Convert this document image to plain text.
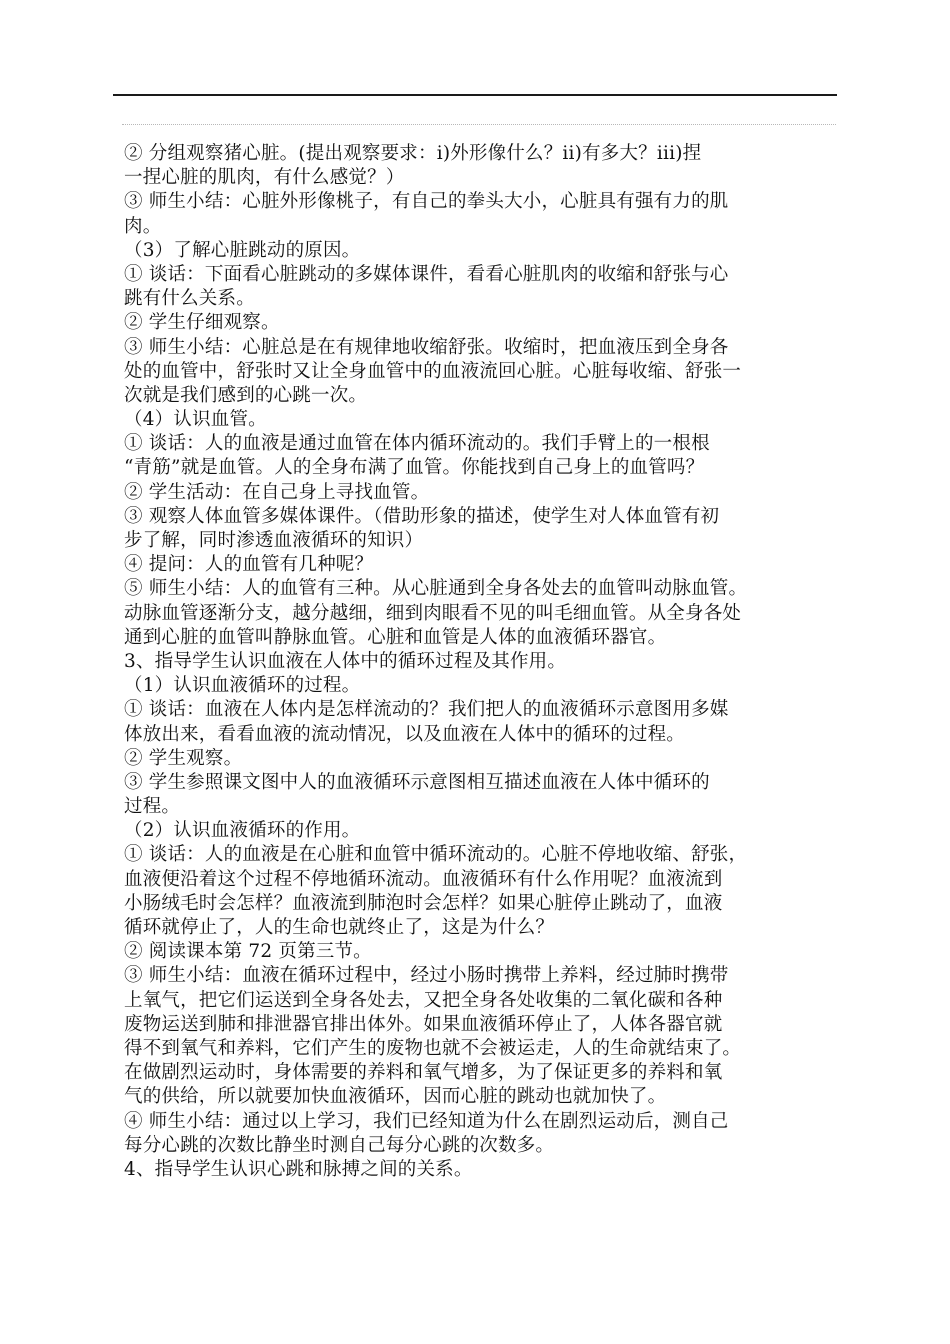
② 分组观察猪心脏。(提出观察要求：i)外形像什么？ii)有多大？iii)捏
一捏心脏的肌肉，有什么感觉？）
③ 师生小结：心脏外形像桃子，有自己的拳头大小，心脏具有强有力的肌
肉。
（3）了解心脏跳动的原因。
① 谈话：下面看心脏跳动的多媒体课件，看看心脏肌肉的收缩和舒张与心
跳有什么关系。
② 学生仔细观察。
③ 师生小结：心脏总是在有规律地收缩舒张。收缩时，把血液压到全身各
处的血管中，舒张时又让全身血管中的血液流回心脏。心脏每收缩、舒张一
次就是我们感到的心跳一次。
（4）认识血管。
① 谈话：人的血液是通过血管在体内循环流动的。我们手臂上的一根根
“青筋”就是血管。人的全身布满了血管。你能找到自己身上的血管吗？
② 学生活动：在自己身上寻找血管。
③ 观察人体血管多媒体课件。（借助形象的描述，使学生对人体血管有初
步了解，同时渗透血液循环的知识）
④ 提问：人的血管有几种呢？
⑤ 师生小结：人的血管有三种。从心脏通到全身各处去的血管叫动脉血管。
动脉血管逐渐分支，越分越细，细到肉眼看不见的叫毛细血管。从全身各处
通到心脏的血管叫静脉血管。心脏和血管是人体的血液循环器官。
3、指导学生认识血液在人体中的循环过程及其作用。
（1）认识血液循环的过程。
① 谈话：血液在人体内是怎样流动的？我们把人的血液循环示意图用多媒
体放出来，看看血液的流动情况，以及血液在人体中的循环的过程。
② 学生观察。
③ 学生参照课文图中人的血液循环示意图相互描述血液在人体中循环的
过程。
（2）认识血液循环的作用。
① 谈话：人的血液是在心脏和血管中循环流动的。心脏不停地收缩、舒张，
血液便沿着这个过程不停地循环流动。血液循环有什么作用呢？血液流到
小肠绒毛时会怎样？血液流到肺泡时会怎样？如果心脏停止跳动了，血液
循环就停止了，人的生命也就终止了，这是为什么？
② 阅读课本第 72 页第三节。
③ 师生小结：血液在循环过程中，经过小肠时携带上养料，经过肺时携带
上氧气，把它们运送到全身各处去，又把全身各处收集的二氧化碳和各种
废物运送到肺和排泄器官排出体外。如果血液循环停止了，人体各器官就
得不到氧气和养料，它们产生的废物也就不会被运走，人的生命就结束了。
在做剧烈运动时，身体需要的养料和氧气增多，为了保证更多的养料和氧
气的供给，所以就要加快血液循环，因而心脏的跳动也就加快了。
④ 师生小结：通过以上学习，我们已经知道为什么在剧烈运动后，测自己
每分心跳的次数比静坐时测自己每分心跳的次数多。
4、指导学生认识心跳和脉搏之间的关系。
